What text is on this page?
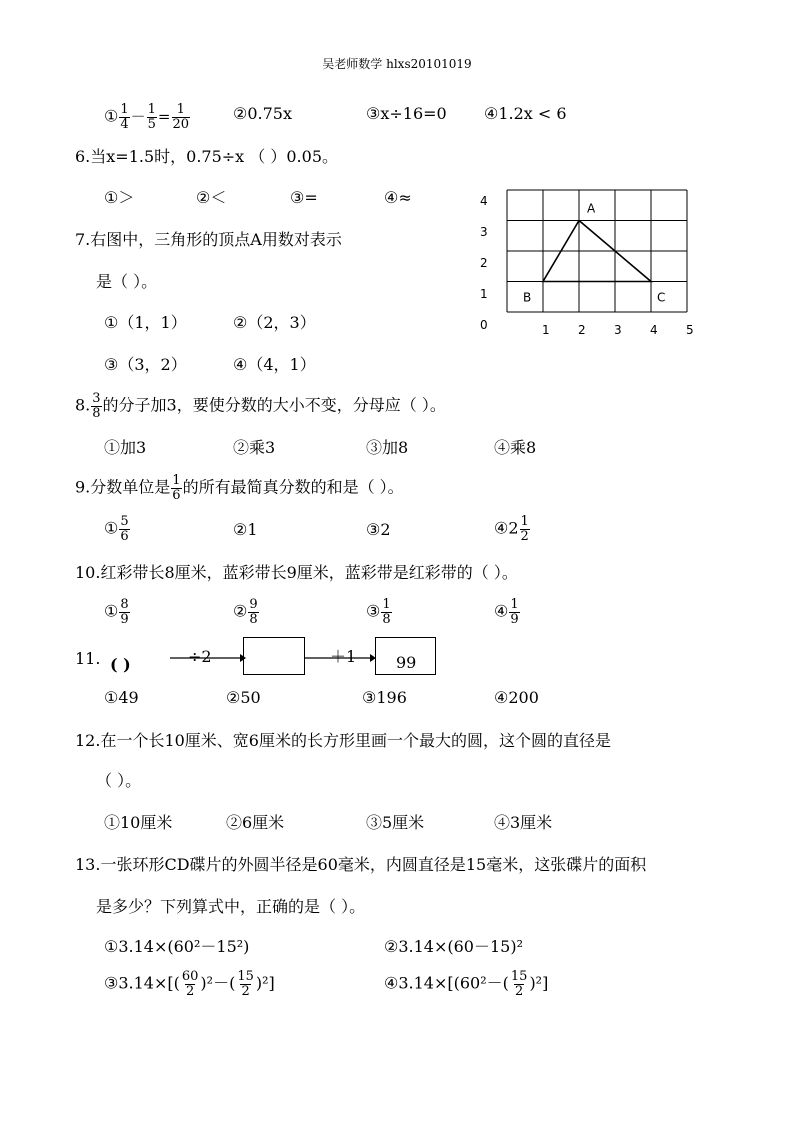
吴老师数学 hlxs20101019
① $\frac{1}{4} - \frac{1}{5} = \frac{1}{20}$	②0.75x	③x÷16=0 ④1.2x < 6
6.当x=1.5时，0.75÷x （ ）0.05。
①＞	②＜	③=	④≈
7.右图中，三角形的顶点A用数对表示
是（ ）。
①（1，1）	②（2，3）
③（3，2）	④（4，1）
4
3
2
1
0	1 2 3 4 5
A
B	C
8. $\frac{3}{8}$ 的分子加3，要使分数的大小不变，分母应（ ）。
①加3	②乘3	③加8	④乘8
9.分数单位是 $\frac{1}{6}$ 的所有最简真分数的和是（ ）。
① $\frac{5}{6}$	②1	③2	④2 $\frac{1}{2}$
10.红彩带长8厘米，蓝彩带长9厘米，蓝彩带是红彩带的（ ）。
① $\frac{8}{9}$	② $\frac{9}{8}$	③ $\frac{1}{8}$	④ $\frac{1}{9}$
11. ( )	÷2	＋1 99
①49	②50	③196	④200
12.在一个长10厘米、宽6厘米的长方形里画一个最大的圆，这个圆的直径是
（ ）。
①10厘米	②6厘米	③5厘米	④3厘米
13.一张环形CD碟片的外圆半径是60毫米，内圆直径是15毫米，这张碟片的面积
是多少？下列算式中，正确的是（ ）。
①3.14×(60²－15²)	②3.14×(60－15)²
③3.14×[( $\frac{60}{2} )^2-( \frac{15}{2} )^2$]	④3.14×[(60²－( $\frac{15}{2} )^2$]
